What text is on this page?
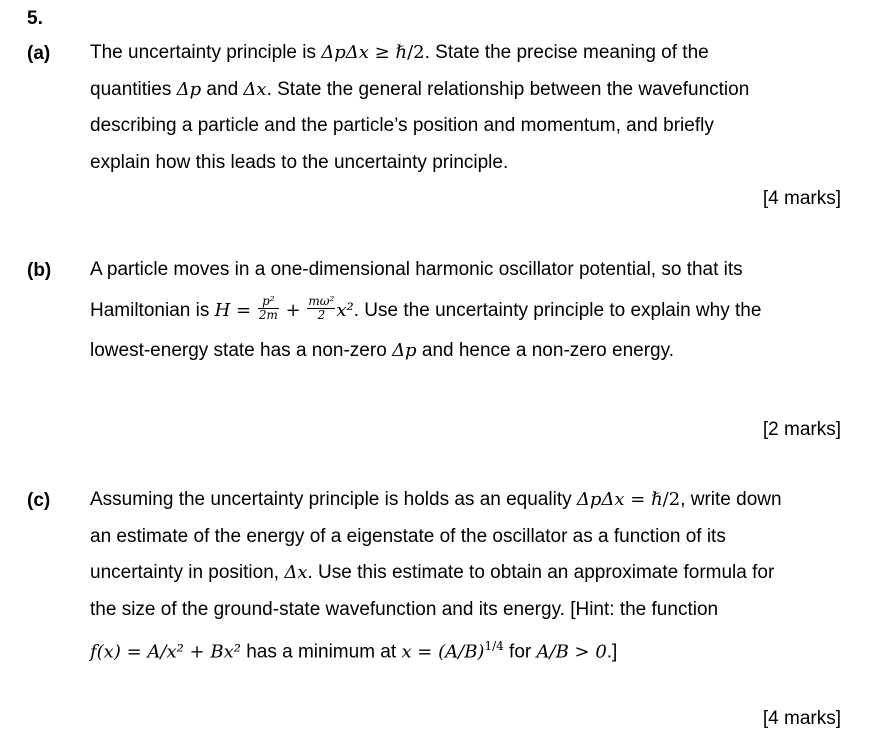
5.
(a) The uncertainty principle is ΔpΔx ≥ ℏ/2. State the precise meaning of the
quantities Δp and Δx. State the general relationship between the wavefunction
describing a particle and the particle’s position and momentum, and briefly
explain how this leads to the uncertainty principle.
[4 marks]
(b) A particle moves in a one-dimensional harmonic oscillator potential, so that its
Hamiltonian is $H = \frac{\text{p²}}{2m} + \frac{\text{mω²}}{2} x^2$. Use the uncertainty principle to explain why the
lowest-energy state has a non-zero Δp and hence a non-zero energy.
[2 marks]
(c) Assuming the uncertainty principle is holds as an equality ΔpΔx = ℏ/2, write down
an estimate of the energy of a eigenstate of the oscillator as a function of its
uncertainty in position, Δx. Use this estimate to obtain an approximate formula for
the size of the ground-state wavefunction and its energy. [Hint: the function
f(x) = A/x² + Bx² has a minimum at $x = (A/B)^{1/4}$ for A/B > 0.]
[4 marks]
